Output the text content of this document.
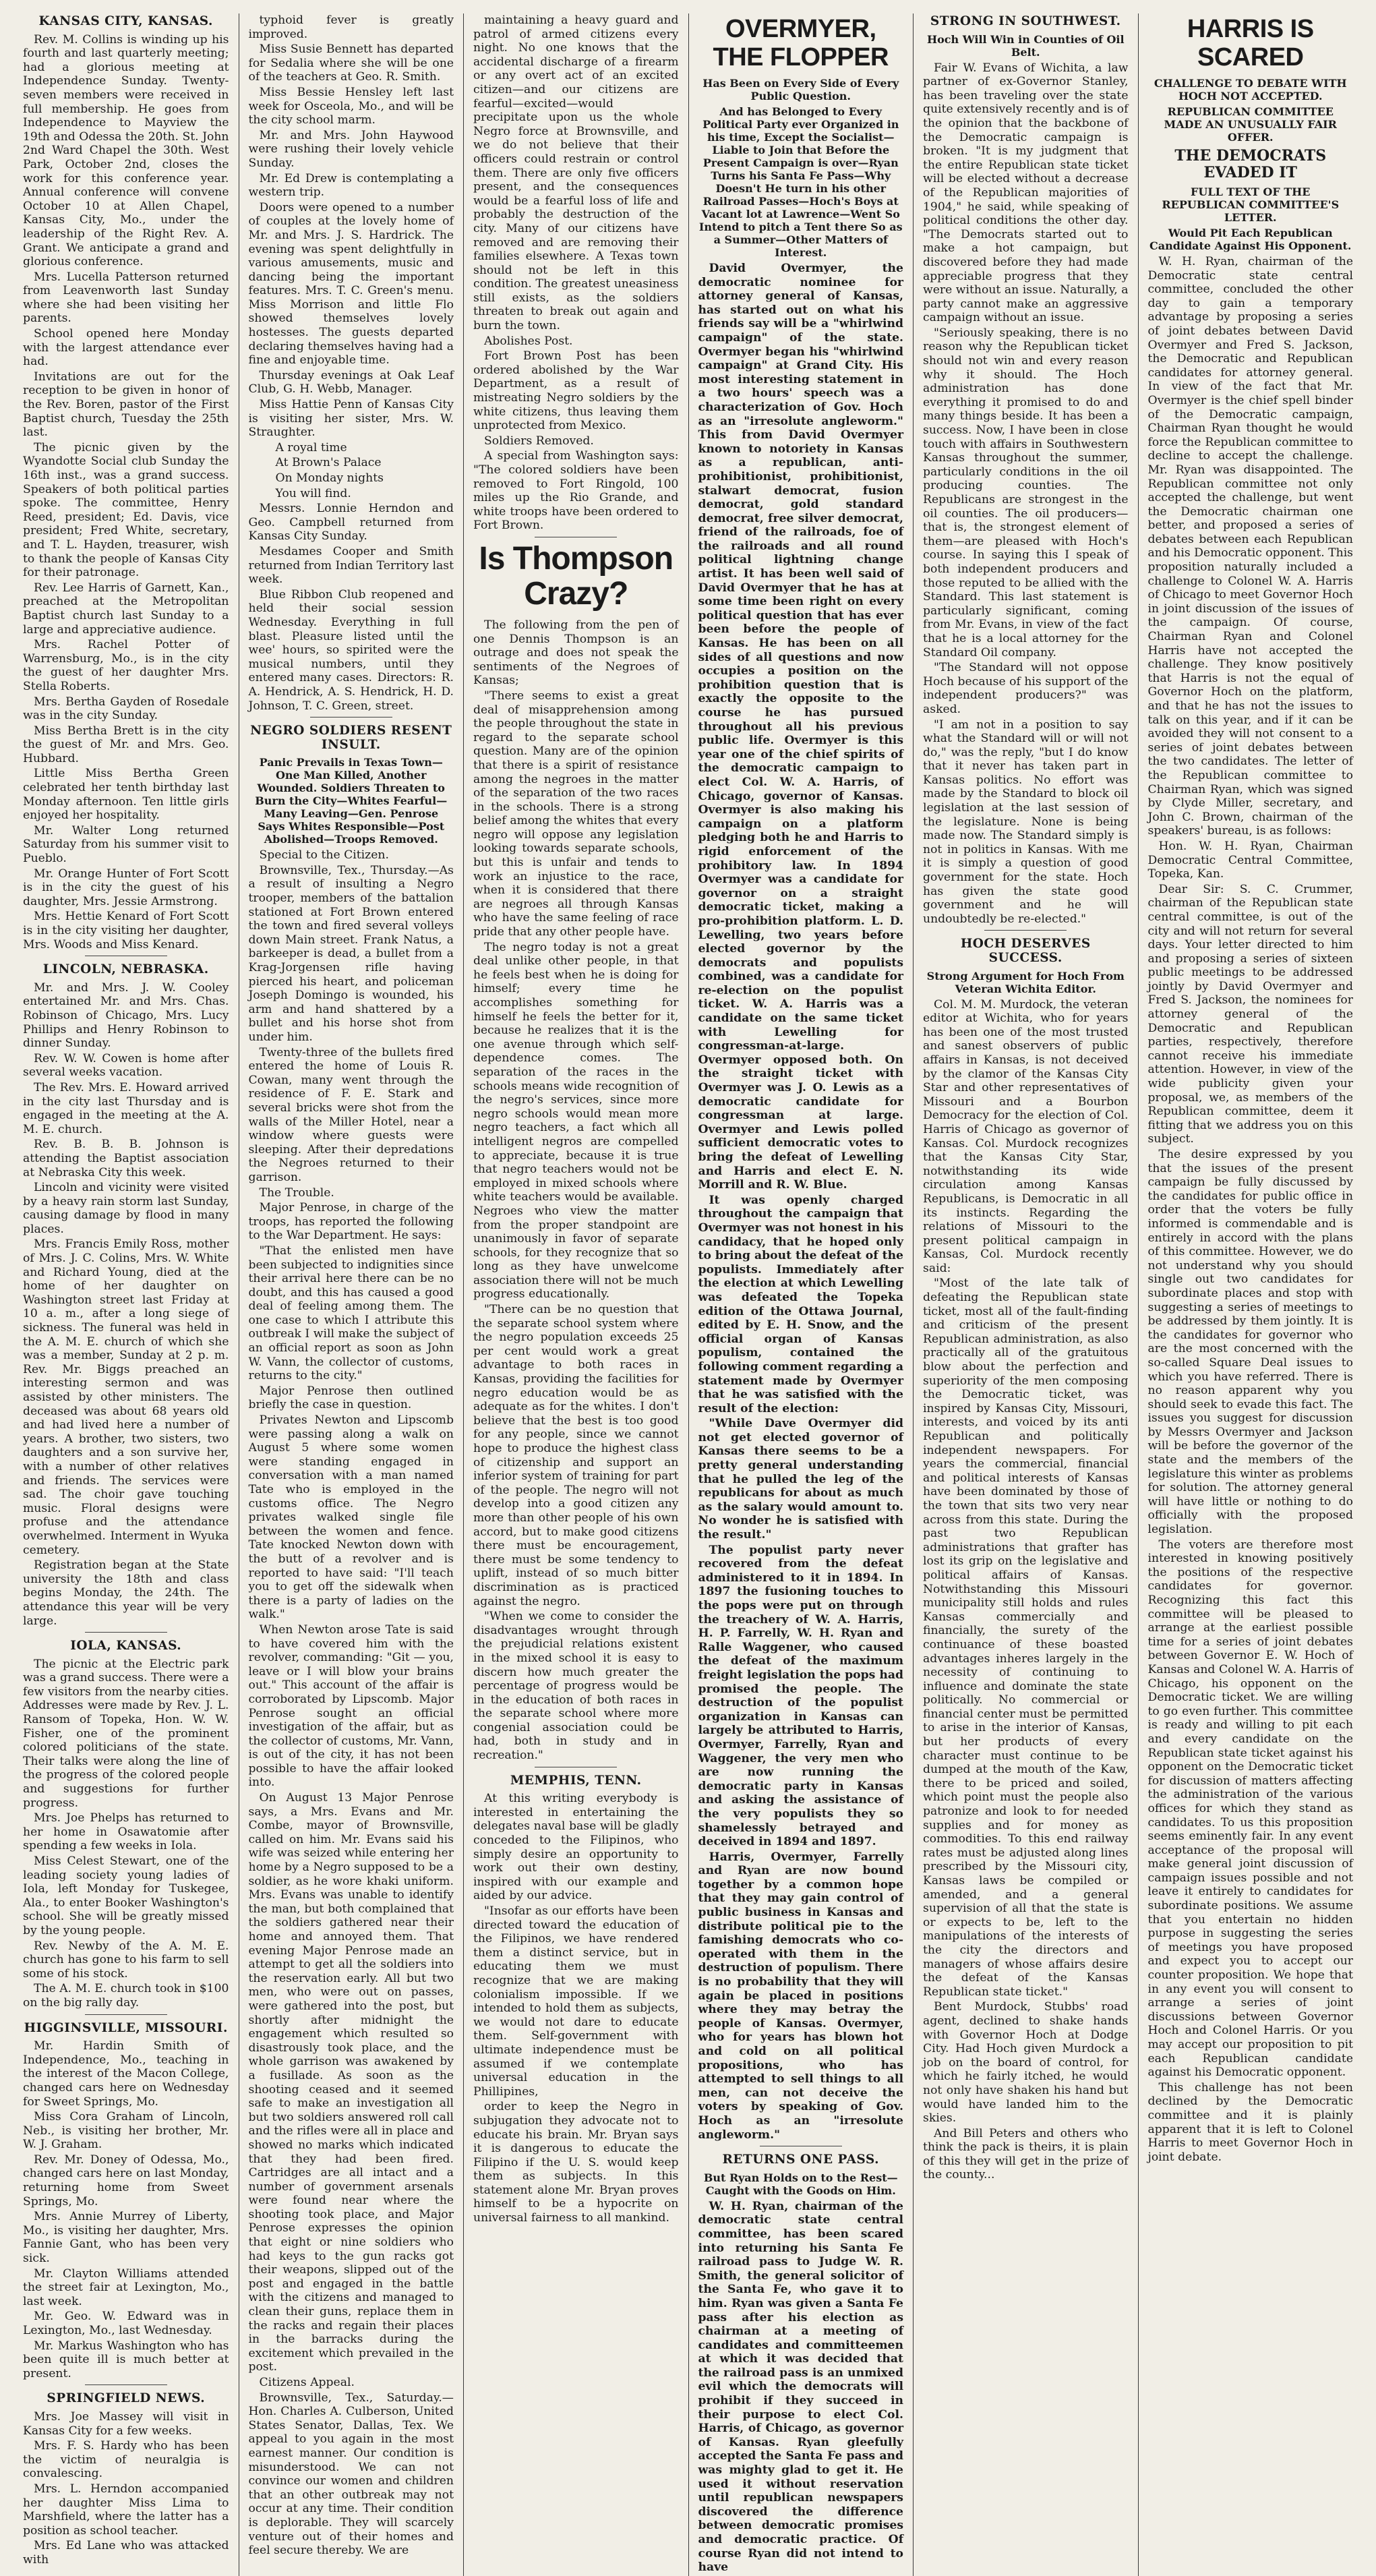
KANSAS CITY, KANSAS.

Rev. M. Collins is winding up his fourth and last quarterly meeting; had a glorious meeting at Independence Sunday. Twenty-seven members were received in full membership. He goes from Independence to Mayview the 19th and Odessa the 20th. St. John 2nd Ward Chapel the 30th. West Park, October 2nd, closes the work for this conference year. Annual conference will convene October 10 at Allen Chapel, Kansas City, Mo., under the leadership of the Right Rev. A. Grant. We anticipate a grand and glorious conference.

Mrs. Lucella Patterson returned from Leavenworth last Sunday where she had been visiting her parents.

School opened here Monday with the largest attendance ever had.

Invitations are out for the reception to be given in honor of the Rev. Boren, pastor of the First Baptist church, Tuesday the 25th last.

The picnic given by the Wyandotte Social club Sunday the 16th inst., was a grand success. Speakers of both political parties spoke. The committee, Henry Reed, president; Ed. Davis, vice president; Fred White, secretary, and T. L. Hayden, treasurer, wish to thank the people of Kansas City for their patronage.

Rev. Lee Harris of Garnett, Kan., preached at the Metropolitan Baptist church last Sunday to a large and appreciative audience.

Mrs. Rachel Potter of Warrensburg, Mo., is in the city the guest of her daughter Mrs. Stella Roberts.

Mrs. Bertha Gayden of Rosedale was in the city Sunday.

Miss Bertha Brett is in the city the guest of Mr. and Mrs. Geo. Hubbard.

Little Miss Bertha Green celebrated her tenth birthday last Monday afternoon. Ten little girls enjoyed her hospitality.

Mr. Walter Long returned Saturday from his summer visit to Pueblo.

Mr. Orange Hunter of Fort Scott is in the city the guest of his daughter, Mrs. Jessie Armstrong.

Mrs. Hettie Kenard of Fort Scott is in the city visiting her daughter, Mrs. Woods and Miss Kenard.

LINCOLN, NEBRASKA.

Mr. and Mrs. J. W. Cooley entertained Mr. and Mrs. Chas. Robinson of Chicago, Mrs. Lucy Phillips and Henry Robinson to dinner Sunday.

Rev. W. W. Cowen is home after several weeks vacation.

The Rev. Mrs. E. Howard arrived in the city last Thursday and is engaged in the meeting at the A. M. E. church.

Rev. B. B. B. Johnson is attending the Baptist association at Nebraska City this week.

Lincoln and vicinity were visited by a heavy rain storm last Sunday, causing damage by flood in many places.

Mrs. Francis Emily Ross, mother of Mrs. J. C. Colins, Mrs. W. White and Richard Young, died at the home of her daughter on Washington street last Friday at 10 a. m., after a long siege of sickness. The funeral was held in the A. M. E. church of which she was a member, Sunday at 2 p. m. Rev. Mr. Biggs preached an interesting sermon and was assisted by other ministers. The deceased was about 68 years old and had lived here a number of years. A brother, two sisters, two daughters and a son survive her, with a number of other relatives and friends. The services were sad. The choir gave touching music. Floral designs were profuse and the attendance overwhelmed. Interment in Wyuka cemetery.

Registration began at the State university the 18th and class begins Monday, the 24th. The attendance this year will be very large.

IOLA, KANSAS.

The picnic at the Electric park was a grand success. There were a few visitors from the nearby cities. Addresses were made by Rev. J. L. Ransom of Topeka, Hon. W. W. Fisher, one of the prominent colored politicians of the state. Their talks were along the line of the progress of the colored people and suggestions for further progress.

Mrs. Joe Phelps has returned to her home in Osawatomie after spending a few weeks in Iola.

Miss Celest Stewart, one of the leading society young ladies of Iola, left Monday for Tuskegee, Ala., to enter Booker Washington's school. She will be greatly missed by the young people.

Rev. Newby of the A. M. E. church has gone to his farm to sell some of his stock.

The A. M. E. church took in $100 on the big rally day.

HIGGINSVILLE, MISSOURI.

Mr. Hardin Smith of Independence, Mo., teaching in the interest of the Macon College, changed cars here on Wednesday for Sweet Springs, Mo.

Miss Cora Graham of Lincoln, Neb., is visiting her brother, Mr. W. J. Graham.

Rev. Mr. Doney of Odessa, Mo., changed cars here on last Monday, returning home from Sweet Springs, Mo.

Mrs. Annie Murrey of Liberty, Mo., is visiting her daughter, Mrs. Fannie Gant, who has been very sick.

Mr. Clayton Williams attended the street fair at Lexington, Mo., last week.

Mr. Geo. W. Edward was in Lexington, Mo., last Wednesday.

Mr. Markus Washington who has been quite ill is much better at present.

SPRINGFIELD NEWS.

Mrs. Joe Massey will visit in Kansas City for a few weeks.

Mrs. F. S. Hardy who has been the victim of neuralgia is convalescing.

Mrs. L. Herndon accompanied her daughter Miss Lima to Marshfield, where the latter has a position as school teacher.

Mrs. Ed Lane who was attacked with

typhoid fever is greatly improved.

Miss Susie Bennett has departed for Sedalia where she will be one of the teachers at Geo. R. Smith.

Miss Bessie Hensley left last week for Osceola, Mo., and will be the city school marm.

Mr. and Mrs. John Haywood were rushing their lovely vehicle Sunday.

Mr. Ed Drew is contemplating a western trip.

Doors were opened to a number of couples at the lovely home of Mr. and Mrs. J. S. Hardrick. The evening was spent delightfully in various amusements, music and dancing being the important features. Mrs. T. C. Green's menu. Miss Morrison and little Flo showed themselves lovely hostesses. The guests departed declaring themselves having had a fine and enjoyable time.

Thursday evenings at Oak Leaf Club, G. H. Webb, Manager.

Miss Hattie Penn of Kansas City is visiting her sister, Mrs. W. Straughter.

A royal time

At Brown's Palace

On Monday nights

You will find.

Messrs. Lonnie Herndon and Geo. Campbell returned from Kansas City Sunday.

Mesdames Cooper and Smith returned from Indian Territory last week.

Blue Ribbon Club reopened and held their social session Wednesday. Everything in full blast. Pleasure listed until the wee' hours, so spirited were the musical numbers, until they entered many cases. Directors: R. A. Hendrick, A. S. Hendrick, H. D. Johnson, T. C. Green, street.

NEGRO SOLDIERS RESENT INSULT.
Panic Prevails in Texas Town—One Man Killed, Another Wounded. Soldiers Threaten to Burn the City—Whites Fearful—Many Leaving—Gen. Penrose Says Whites Responsible—Post Abolished—Troops Removed.

Special to the Citizen.

Brownsville, Tex., Thursday.—As a result of insulting a Negro trooper, members of the battalion stationed at Fort Brown entered the town and fired several volleys down Main street. Frank Natus, a barkeeper is dead, a bullet from a Krag-Jorgensen rifle having pierced his heart, and policeman Joseph Domingo is wounded, his arm and hand shattered by a bullet and his horse shot from under him.

Twenty-three of the bullets fired entered the home of Louis R. Cowan, many went through the residence of F. E. Stark and several bricks were shot from the walls of the Miller Hotel, near a window where guests were sleeping. After their depredations the Negroes returned to their garrison.

The Trouble.

Major Penrose, in charge of the troops, has reported the following to the War Department. He says:

"That the enlisted men have been subjected to indignities since their arrival here there can be no doubt, and this has caused a good deal of feeling among them. The one case to which I attribute this outbreak I will make the subject of an official report as soon as John W. Vann, the collector of customs, returns to the city."

Major Penrose then outlined briefly the case in question.

Privates Newton and Lipscomb were passing along a walk on August 5 where some women were standing engaged in conversation with a man named Tate who is employed in the customs office. The Negro privates walked single file between the women and fence. Tate knocked Newton down with the butt of a revolver and is reported to have said: "I'll teach you to get off the sidewalk when there is a party of ladies on the walk."

When Newton arose Tate is said to have covered him with the revolver, commanding: "Git — you, leave or I will blow your brains out." This account of the affair is corroborated by Lipscomb. Major Penrose sought an official investigation of the affair, but as the collector of customs, Mr. Vann, is out of the city, it has not been possible to have the affair looked into.

On August 13 Major Penrose says, a Mrs. Evans and Mr. Combe, mayor of Brownsville, called on him. Mr. Evans said his wife was seized while entering her home by a Negro supposed to be a soldier, as he wore khaki uniform. Mrs. Evans was unable to identify the man, but both complained that the soldiers gathered near their home and annoyed them. That evening Major Penrose made an attempt to get all the soldiers into the reservation early. All but two men, who were out on passes, were gathered into the post, but shortly after midnight the engagement which resulted so disastrously took place, and the whole garrison was awakened by a fusillade. As soon as the shooting ceased and it seemed safe to make an investigation all but two soldiers answered roll call and the rifles were all in place and showed no marks which indicated that they had been fired. Cartridges are all intact and a number of government arsenals were found near where the shooting took place, and Major Penrose expresses the opinion that eight or nine soldiers who had keys to the gun racks got their weapons, slipped out of the post and engaged in the battle with the citizens and managed to clean their guns, replace them in the racks and regain their places in the barracks during the excitement which prevailed in the post.

Citizens Appeal.

Brownsville, Tex., Saturday.—Hon. Charles A. Culberson, United States Senator, Dallas, Tex. We appeal to you again in the most earnest manner. Our condition is misunderstood. We can not convince our women and children that an other outbreak may not occur at any time. Their condition is deplorable. They will scarcely venture out of their homes and feel secure thereby. We are

maintaining a heavy guard and patrol of armed citizens every night. No one knows that the accidental discharge of a firearm or any overt act of an excited citizen—and our citizens are fearful—excited—would precipitate upon us the whole Negro force at Brownsville, and we do not believe that their officers could restrain or control them. There are only five officers present, and the consequences would be a fearful loss of life and probably the destruction of the city. Many of our citizens have removed and are removing their families elsewhere. A Texas town should not be left in this condition. The greatest uneasiness still exists, as the soldiers threaten to break out again and burn the town.

Abolishes Post.

Fort Brown Post has been ordered abolished by the War Department, as a result of mistreating Negro soldiers by the white citizens, thus leaving them unprotected from Mexico.

Soldiers Removed.

A special from Washington says: "The colored soldiers have been removed to Fort Ringold, 100 miles up the Rio Grande, and white troops have been ordered to Fort Brown.

Is Thompson Crazy?

The following from the pen of one Dennis Thompson is an outrage and does not speak the sentiments of the Negroes of Kansas;

"There seems to exist a great deal of misapprehension among the people throughout the state in regard to the separate school question. Many are of the opinion that there is a spirit of resistance among the negroes in the matter of the separation of the two races in the schools. There is a strong belief among the whites that every negro will oppose any legislation looking towards separate schools, but this is unfair and tends to work an injustice to the race, when it is considered that there are negroes all through Kansas who have the same feeling of race pride that any other people have.

The negro today is not a great deal unlike other people, in that he feels best when he is doing for himself; every time he accomplishes something for himself he feels the better for it, because he realizes that it is the one avenue through which self-dependence comes. The separation of the races in the schools means wide recognition of the negro's services, since more negro schools would mean more negro teachers, a fact which all intelligent negros are compelled to appreciate, because it is true that negro teachers would not be employed in mixed schools where white teachers would be available. Negroes who view the matter from the proper standpoint are unanimously in favor of separate schools, for they recognize that so long as they have unwelcome association there will not be much progress educationally.

"There can be no question that the separate school system where the negro population exceeds 25 per cent would work a great advantage to both races in Kansas, providing the facilities for negro education would be as adequate as for the whites. I don't believe that the best is too good for any people, since we cannot hope to produce the highest class of citizenship and support an inferior system of training for part of the people. The negro will not develop into a good citizen any more than other people of his own accord, but to make good citizens there must be encouragement, there must be some tendency to uplift, instead of so much bitter discrimination as is practiced against the negro.

"When we come to consider the disadvantages wrought through the prejudicial relations existent in the mixed school it is easy to discern how much greater the percentage of progress would be in the education of both races in the separate school where more congenial association could be had, both in study and in recreation."

MEMPHIS, TENN.

At this writing everybody is interested in entertaining the delegates naval base will be gladly conceded to the Filipinos, who simply desire an opportunity to work out their own destiny, inspired with our example and aided by our advice.

"Insofar as our efforts have been directed toward the education of the Filipinos, we have rendered them a distinct service, but in educating them we must recognize that we are making colonialism impossible. If we intended to hold them as subjects, we would not dare to educate them. Self-government with ultimate independence must be assumed if we contemplate universal education in the Phillipines,

order to keep the Negro in subjugation they advocate not to educate his brain. Mr. Bryan says it is dangerous to educate the Filipino if the U. S. would keep them as subjects. In this statement alone Mr. Bryan proves himself to be a hypocrite on universal fairness to all mankind.

OVERMYER, THE FLOPPER
Has Been on Every Side of Every Public Question.
And has Belonged to Every Political Party ever Organized in his time, Except the Socialist—Liable to Join that Before the Present Campaign is over—Ryan Turns his Santa Fe Pass—Why Doesn't He turn in his other Railroad Passes—Hoch's Boys at Vacant lot at Lawrence—Went So Intend to pitch a Tent there So as a Summer—Other Matters of Interest.

David Overmyer, the democratic nominee for attorney general of Kansas, has started out on what his friends say will be a "whirlwind campaign" of the state. Overmyer began his "whirlwind campaign" at Grand City. His most interesting statement in a two hours' speech was a characterization of Gov. Hoch as an "irresolute angleworm." This from David Overmyer known to notoriety in Kansas as a republican, anti-prohibitionist, prohibitionist, stalwart democrat, fusion democrat, gold standard democrat, free silver democrat, friend of the railroads, foe of the railroads and all round political lightning change artist. It has been well said of David Overmyer that he has at some time been right on every political question that has ever been before the people of Kansas. He has been on all sides of all questions and now occupies a position on the prohibition question that is exactly the opposite to the course he has pursued throughout all his previous public life. Overmyer is this year one of the chief spirits of the democratic campaign to elect Col. W. A. Harris, of Chicago, governor of Kansas. Overmyer is also making his campaign on a platform pledging both he and Harris to rigid enforcement of the prohibitory law. In 1894 Overmyer was a candidate for governor on a straight democratic ticket, making a pro-prohibition platform. L. D. Lewelling, two years before elected governor by the democrats and populists combined, was a candidate for re-election on the populist ticket. W. A. Harris was a candidate on the same ticket with Lewelling for congressman-at-large. Overmyer opposed both. On the straight ticket with Overmyer was J. O. Lewis as a democratic candidate for congressman at large. Overmyer and Lewis polled sufficient democratic votes to bring the defeat of Lewelling and Harris and elect E. N. Morrill and R. W. Blue.

It was openly charged throughout the campaign that Overmyer was not honest in his candidacy, that he hoped only to bring about the defeat of the populists. Immediately after the election at which Lewelling was defeated the Topeka edition of the Ottawa Journal, edited by E. H. Snow, and the official organ of Kansas populism, contained the following comment regarding a statement made by Overmyer that he was satisfied with the result of the election:

"While Dave Overmyer did not get elected governor of Kansas there seems to be a pretty general understanding that he pulled the leg of the republicans for about as much as the salary would amount to. No wonder he is satisfied with the result."

The populist party never recovered from the defeat administered to it in 1894. In 1897 the fusioning touches to the pops were put on through the treachery of W. A. Harris, H. P. Farrelly, W. H. Ryan and Ralle Waggener, who caused the defeat of the maximum freight legislation the pops had promised the people. The destruction of the populist organization in Kansas can largely be attributed to Harris, Overmyer, Farrelly, Ryan and Waggener, the very men who are now running the democratic party in Kansas and asking the assistance of the very populists they so shamelessly betrayed and deceived in 1894 and 1897.

Harris, Overmyer, Farrelly and Ryan are now bound together by a common hope that they may gain control of public business in Kansas and distribute political pie to the famishing democrats who co-operated with them in the destruction of populism. There is no probability that they will again be placed in positions where they may betray the people of Kansas. Overmyer, who for years has blown hot and cold on all political propositions, who has attempted to sell things to all men, can not deceive the voters by speaking of Gov. Hoch as an "irresolute angleworm."

RETURNS ONE PASS.
But Ryan Holds on to the Rest—Caught with the Goods on Him.

W. H. Ryan, chairman of the democratic state central committee, has been scared into returning his Santa Fe railroad pass to Judge W. R. Smith, the general solicitor of the Santa Fe, who gave it to him. Ryan was given a Santa Fe pass after his election as chairman at a meeting of candidates and committeemen at which it was decided that the railroad pass is an unmixed evil which the democrats will prohibit if they succeed in their purpose to elect Col. Harris, of Chicago, as governor of Kansas. Ryan gleefully accepted the Santa Fe pass and was mighty glad to get it. He used it without reservation until republican newspapers discovered the difference between democratic promises and democratic practice. Of course Ryan did not intend to have

STRONG IN SOUTHWEST.
Hoch Will Win in Counties of Oil Belt.

Fair W. Evans of Wichita, a law partner of ex-Governor Stanley, has been traveling over the state quite extensively recently and is of the opinion that the backbone of the Democratic campaign is broken. "It is my judgment that the entire Republican state ticket will be elected without a decrease of the Republican majorities of 1904," he said, while speaking of political conditions the other day. "The Democrats started out to make a hot campaign, but discovered before they had made appreciable progress that they were without an issue. Naturally, a party cannot make an aggressive campaign without an issue.

"Seriously speaking, there is no reason why the Republican ticket should not win and every reason why it should. The Hoch administration has done everything it promised to do and many things beside. It has been a success. Now, I have been in close touch with affairs in Southwestern Kansas throughout the summer, particularly conditions in the oil producing counties. The Republicans are strongest in the oil counties. The oil producers—that is, the strongest element of them—are pleased with Hoch's course. In saying this I speak of both independent producers and those reputed to be allied with the Standard. This last statement is particularly significant, coming from Mr. Evans, in view of the fact that he is a local attorney for the Standard Oil company.

"The Standard will not oppose Hoch because of his support of the independent producers?" was asked.

"I am not in a position to say what the Standard will or will not do," was the reply, "but I do know that it never has taken part in Kansas politics. No effort was made by the Standard to block oil legislation at the last session of the legislature. None is being made now. The Standard simply is not in politics in Kansas. With me it is simply a question of good government for the state. Hoch has given the state good government and he will undoubtedly be re-elected."

HOCH DESERVES SUCCESS.
Strong Argument for Hoch From Veteran Wichita Editor.

Col. M. M. Murdock, the veteran editor at Wichita, who for years has been one of the most trusted and sanest observers of public affairs in Kansas, is not deceived by the clamor of the Kansas City Star and other representatives of Missouri and a Bourbon Democracy for the election of Col. Harris of Chicago as governor of Kansas. Col. Murdock recognizes that the Kansas City Star, notwithstanding its wide circulation among Kansas Republicans, is Democratic in all its instincts. Regarding the relations of Missouri to the present political campaign in Kansas, Col. Murdock recently said:

"Most of the late talk of defeating the Republican state ticket, most all of the fault-finding and criticism of the present Republican administration, as also practically all of the gratuitous blow about the perfection and superiority of the men composing the Democratic ticket, was inspired by Kansas City, Missouri, interests, and voiced by its anti Republican and politically independent newspapers. For years the commercial, financial and political interests of Kansas have been dominated by those of the town that sits two very near across from this state. During the past two Republican administrations that grafter has lost its grip on the legislative and political affairs of Kansas. Notwithstanding this Missouri municipality still holds and rules Kansas commercially and financially, the surety of the continuance of these boasted advantages inheres largely in the necessity of continuing to influence and dominate the state politically. No commercial or financial center must be permitted to arise in the interior of Kansas, but her products of every character must continue to be dumped at the mouth of the Kaw, there to be priced and soiled, which point must the people also patronize and look to for needed supplies and for money as commodities. To this end railway rates must be adjusted along lines prescribed by the Missouri city, Kansas laws be compiled or amended, and a general supervision of all that the state is or expects to be, left to the manipulations of the interests of the city the directors and managers of whose affairs desire the defeat of the Kansas Republican state ticket."

Bent Murdock, Stubbs' road agent, declined to shake hands with Governor Hoch at Dodge City. Had Hoch given Murdock a job on the board of control, for which he fairly itched, he would not only have shaken his hand but would have landed him to the skies.

And Bill Peters and others who think the pack is theirs, it is plain of this they will get in the prize of the county...

HARRIS IS SCARED
CHALLENGE TO DEBATE WITH HOCH NOT ACCEPTED.
REPUBLICAN COMMITTEE MADE AN UNUSUALLY FAIR OFFER.
THE DEMOCRATS EVADED IT
FULL TEXT OF THE REPUBLICAN COMMITTEE'S LETTER.
Would Pit Each Republican Candidate Against His Opponent.

W. H. Ryan, chairman of the Democratic state central committee, concluded the other day to gain a temporary advantage by proposing a series of joint debates between David Overmyer and Fred S. Jackson, the Democratic and Republican candidates for attorney general. In view of the fact that Mr. Overmyer is the chief spell binder of the Democratic campaign, Chairman Ryan thought he would force the Republican committee to decline to accept the challenge. Mr. Ryan was disappointed. The Republican committee not only accepted the challenge, but went the Democratic chairman one better, and proposed a series of debates between each Republican and his Democratic opponent. This proposition naturally included a challenge to Colonel W. A. Harris of Chicago to meet Governor Hoch in joint discussion of the issues of the campaign. Of course, Chairman Ryan and Colonel Harris have not accepted the challenge. They know positively that Harris is not the equal of Governor Hoch on the platform, and that he has not the issues to talk on this year, and if it can be avoided they will not consent to a series of joint debates between the two candidates. The letter of the Republican committee to Chairman Ryan, which was signed by Clyde Miller, secretary, and John C. Brown, chairman of the speakers' bureau, is as follows:

Hon. W. H. Ryan, Chairman Democratic Central Committee, Topeka, Kan.

Dear Sir: S. C. Crummer, chairman of the Republican state central committee, is out of the city and will not return for several days. Your letter directed to him and proposing a series of sixteen public meetings to be addressed jointly by David Overmyer and Fred S. Jackson, the nominees for attorney general of the Democratic and Republican parties, respectively, therefore cannot receive his immediate attention. However, in view of the wide publicity given your proposal, we, as members of the Republican committee, deem it fitting that we address you on this subject.

The desire expressed by you that the issues of the present campaign be fully discussed by the candidates for public office in order that the voters be fully informed is commendable and is entirely in accord with the plans of this committee. However, we do not understand why you should single out two candidates for subordinate places and stop with suggesting a series of meetings to be addressed by them jointly. It is the candidates for governor who are the most concerned with the so-called Square Deal issues to which you have referred. There is no reason apparent why you should seek to evade this fact. The issues you suggest for discussion by Messrs Overmyer and Jackson will be before the governor of the state and the members of the legislature this winter as problems for solution. The attorney general will have little or nothing to do officially with the proposed legislation.

The voters are therefore most interested in knowing positively the positions of the respective candidates for governor. Recognizing this fact this committee will be pleased to arrange at the earliest possible time for a series of joint debates between Governor E. W. Hoch of Kansas and Colonel W. A. Harris of Chicago, his opponent on the Democratic ticket. We are willing to go even further. This committee is ready and willing to pit each and every candidate on the Republican state ticket against his opponent on the Democratic ticket for discussion of matters affecting the administration of the various offices for which they stand as candidates. To us this proposition seems eminently fair. In any event acceptance of the proposal will make general joint discussion of campaign issues possible and not leave it entirely to candidates for subordinate positions. We assume that you entertain no hidden purpose in suggesting the series of meetings you have proposed and expect you to accept our counter proposition. We hope that in any event you will consent to arrange a series of joint discussions between Governor Hoch and Colonel Harris. Or you may accept our proposition to pit each Republican candidate against his Democratic opponent.

This challenge has not been declined by the Democratic committee and it is plainly apparent that it is left to Colonel Harris to meet Governor Hoch in joint debate.
